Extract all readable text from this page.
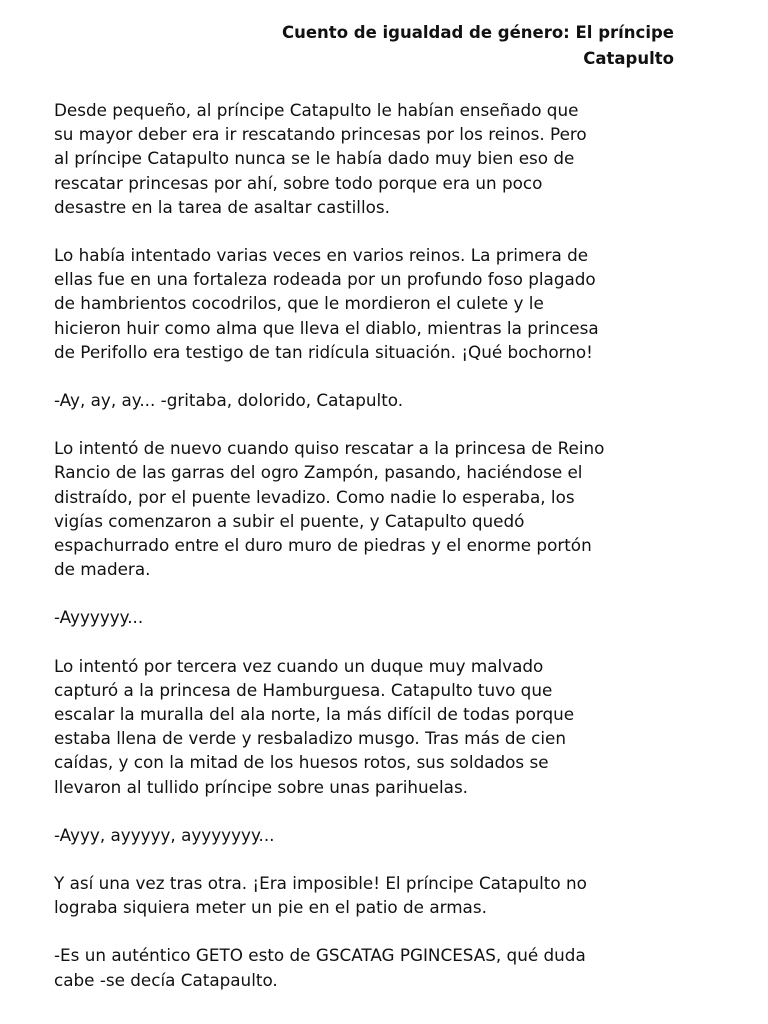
Cuento de igualdad de género: El príncipe
Catapulto

Desde pequeño, al príncipe Catapulto le habían enseñado que
su mayor deber era ir rescatando princesas por los reinos. Pero
al príncipe Catapulto nunca se le había dado muy bien eso de
rescatar princesas por ahí, sobre todo porque era un poco
desastre en la tarea de asaltar castillos.

Lo había intentado varias veces en varios reinos. La primera de
ellas fue en una fortaleza rodeada por un profundo foso plagado
de hambrientos cocodrilos, que le mordieron el culete y le
hicieron huir como alma que lleva el diablo, mientras la princesa
de Perifollo era testigo de tan ridícula situación. ¡Qué bochorno!

-Ay, ay, ay... -gritaba, dolorido, Catapulto.

Lo intentó de nuevo cuando quiso rescatar a la princesa de Reino
Rancio de las garras del ogro Zampón, pasando, haciéndose el
distraído, por el puente levadizo. Como nadie lo esperaba, los
vigías comenzaron a subir el puente, y Catapulto quedó
espachurrado entre el duro muro de piedras y el enorme portón
de madera.

-Ayyyyyy...

Lo intentó por tercera vez cuando un duque muy malvado
capturó a la princesa de Hamburguesa. Catapulto tuvo que
escalar la muralla del ala norte, la más difícil de todas porque
estaba llena de verde y resbaladizo musgo. Tras más de cien
caídas, y con la mitad de los huesos rotos, sus soldados se
llevaron al tullido príncipe sobre unas parihuelas.

-Ayyy, ayyyyy, ayyyyyyy...

Y así una vez tras otra. ¡Era imposible! El príncipe Catapulto no
lograba siquiera meter un pie en el patio de armas.

-Es un auténtico GETO esto de GSCATAG PGINCESAS, qué duda
cabe -se decía Catapaulto.
